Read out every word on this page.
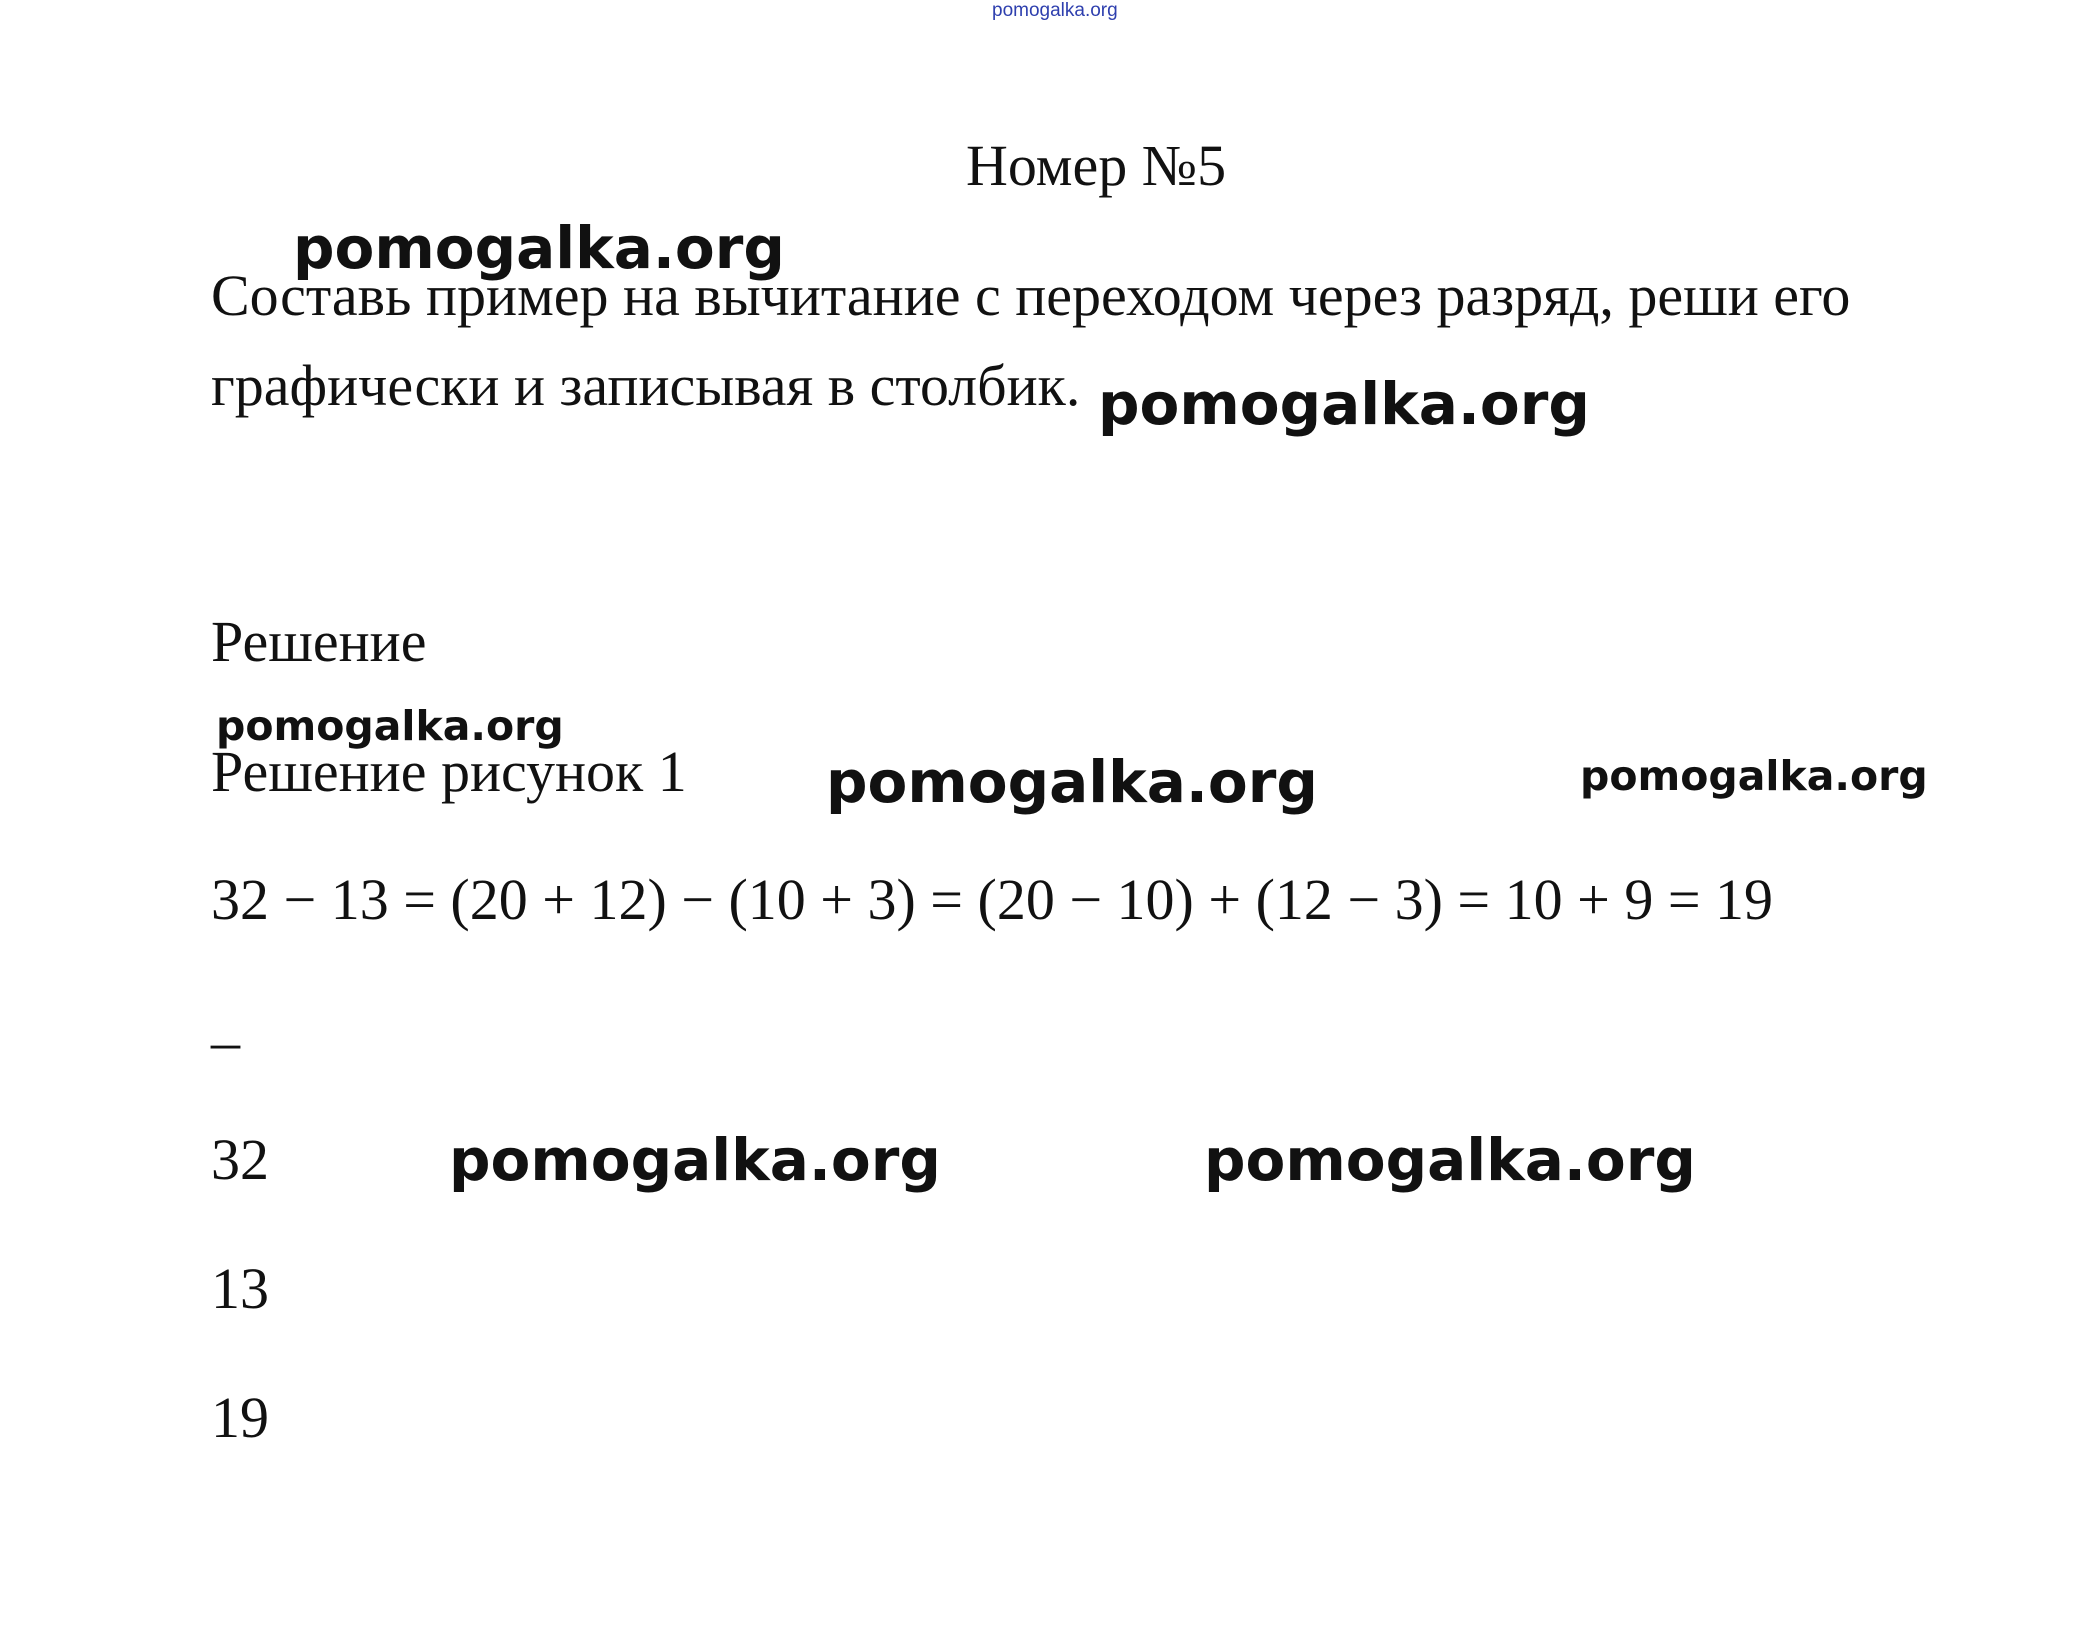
pomogalka.org
Номер №5
Составь пример на вычитание с переходом через разряд, реши его
графически и записывая в столбик.
Решение
Решение рисунок 1
32 − 13 = (20 + 12) − (10 + 3) = (20 − 10) + (12 − 3) = 10 + 9 = 19
_
32
13
19
pomogalka.org
pomogalka.org
pomogalka.org
pomogalka.org	pomogalka.org
pomogalka.org	pomogalka.org
